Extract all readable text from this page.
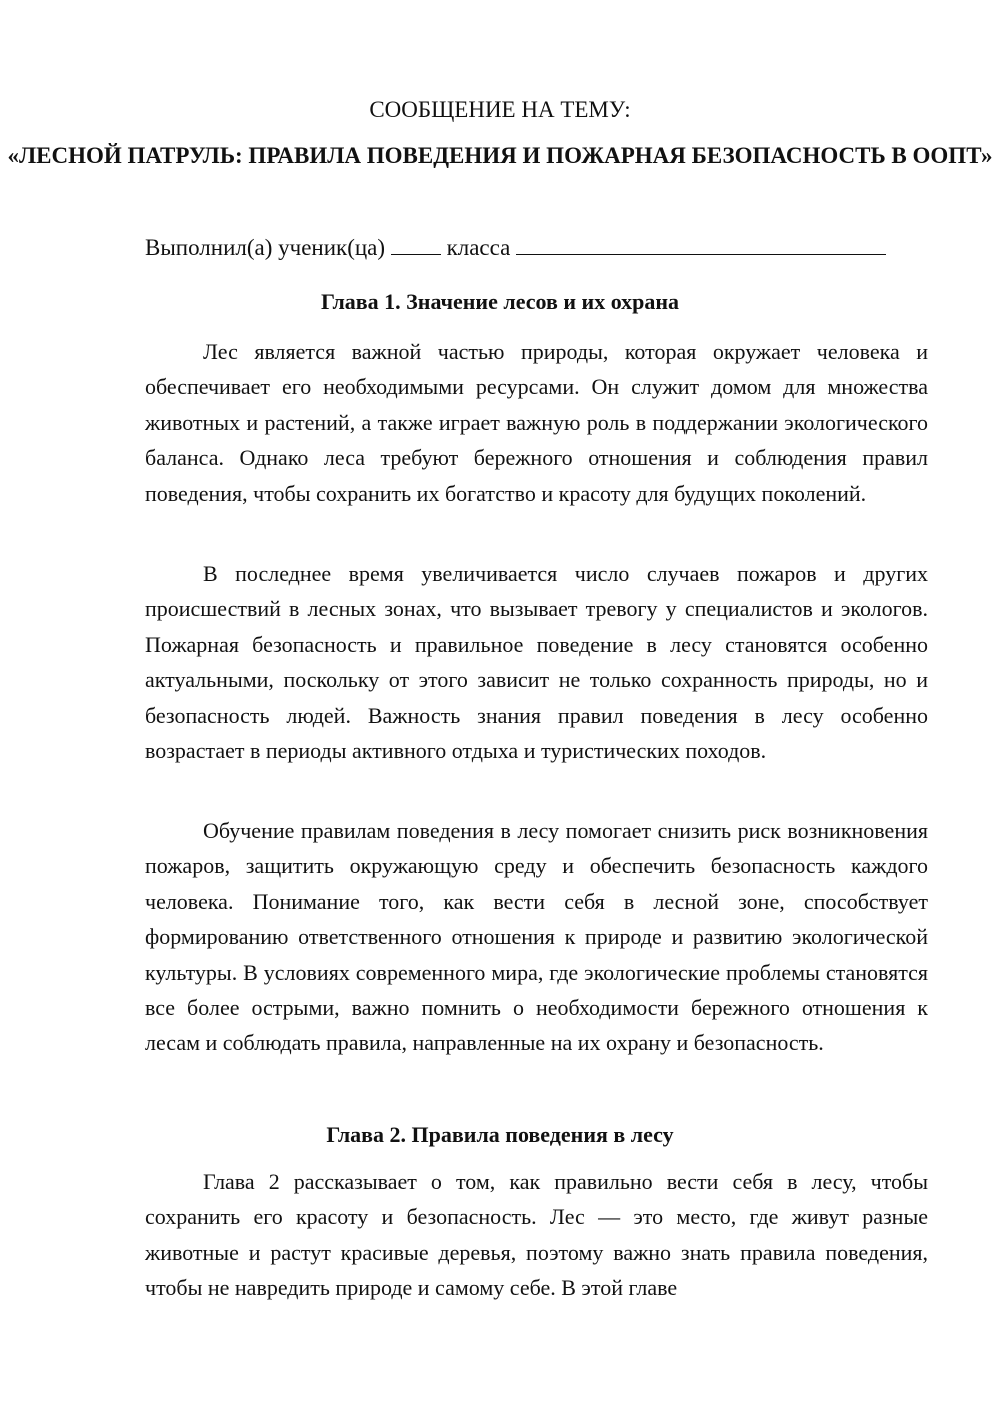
СООБЩЕНИЕ НА ТЕМУ:
«ЛЕСНОЙ ПАТРУЛЬ: ПРАВИЛА ПОВЕДЕНИЯ И ПОЖАРНАЯ БЕЗОПАСНОСТЬ В ООПТ»
Выполнил(а) ученик(ца)	класса
Глава 1. Значение лесов и их охрана

Лес является важной частью природы, которая окружает человека и обеспечивает его необходимыми ресурсами. Он служит домом для множества животных и растений, а также играет важную роль в поддержании экологического баланса. Однако леса требуют бережного отношения и соблюдения правил поведения, чтобы сохранить их богатство и красоту для будущих поколений.

В последнее время увеличивается число случаев пожаров и других происшествий в лесных зонах, что вызывает тревогу у специалистов и экологов. Пожарная безопасность и правильное поведение в лесу становятся особенно актуальными, поскольку от этого зависит не только сохранность природы, но и безопасность людей. Важность знания правил поведения в лесу особенно возрастает в периоды активного отдыха и туристических походов.

Обучение правилам поведения в лесу помогает снизить риск возникновения пожаров, защитить окружающую среду и обеспечить безопасность каждого человека. Понимание того, как вести себя в лесной зоне, способствует формированию ответственного отношения к природе и развитию экологической культуры. В условиях современного мира, где экологические проблемы становятся все более острыми, важно помнить о необходимости бережного отношения к лесам и соблюдать правила, направленные на их охрану и безопасность.

Глава 2. Правила поведения в лесу

Глава 2 рассказывает о том, как правильно вести себя в лесу, чтобы сохранить его красоту и безопасность. Лес — это место, где живут разные животные и растут красивые деревья, поэтому важно знать правила поведения, чтобы не навредить природе и самому себе. В этой главе
